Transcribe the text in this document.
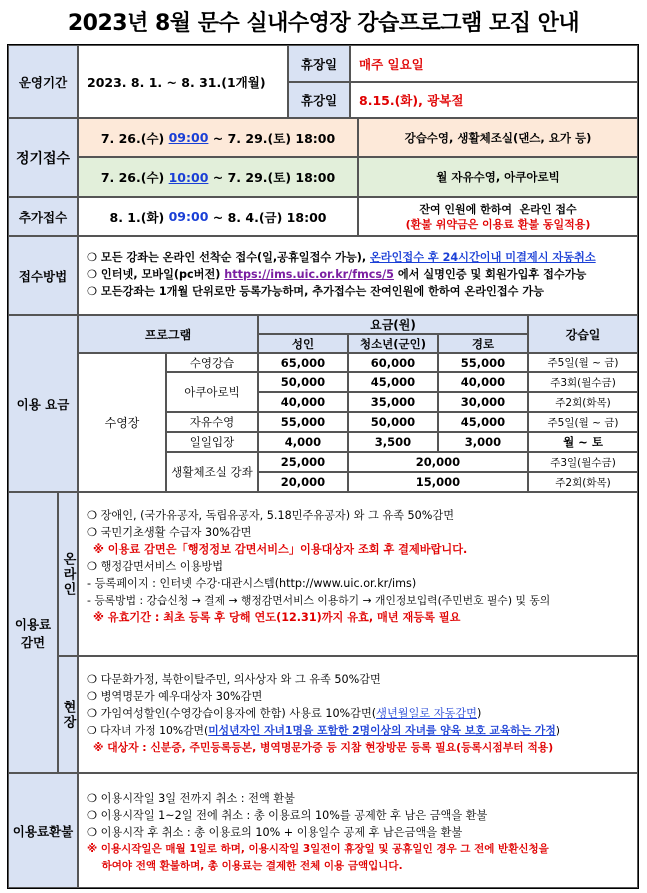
2023년 8월 문수 실내수영장 강습프로그램 모집 안내
운영기간	2023. 8. 1. ~ 8. 31.(1개월)
휴장일	매주 일요일
휴강일	8.15.(화), 광복절
정기접수
7. 26.(수) 09:00 ~ 7. 29.(토) 18:00	강습수영, 생활체조실(댄스, 요가 등)
7. 26.(수) 10:00 ~ 7. 29.(토) 18:00	월 자유수영, 아쿠아로빅
추가접수	8. 1.(화) 09:00 ~ 8. 4.(금) 18:00	잔여 인원에 한하여  온라인 접수
(환불 위약금은 이용료 환불 동일적용)
접수방법
❍ 모든 강좌는 온라인 선착순 접수(일,공휴일접수 가능), 온라인접수 후 24시간이내 미결제시 자동취소
❍ 인터넷, 모바일(pc버전) https://ims.uic.or.kr/fmcs/5 에서 실명인증 및 회원가입후 접수가능
❍ 모든강좌는 1개월 단위로만 등록가능하며, 추가접수는 잔여인원에 한하여 온라인접수 가능
이용 요금
프로그램
요금(원)
성인	청소년(군인)	경로
강습일
수영장
수영강습	65,000	60,000	55,000	주5일(월 ~ 금)
아쿠아로빅
50,000	45,000	40,000	주3회(월수금)
40,000	35,000	30,000	주2회(화목)
자유수영	55,000	50,000	45,000	주5일(월 ~ 금)
일일입장	4,000	3,500	3,000	월 ~ 토
생활체조실 강좌
25,000	20,000	주3일(월수금)
20,000	15,000	주2회(화목)
이용료
감면
온라인
❍ 장애인, (국가유공자, 독립유공자, 5.18민주유공자) 와 그 유족 50%감면
❍ 국민기초생활 수급자 30%감면
※ 이용료 감면은「행정정보 감면서비스」이용대상자 조회 후 결제바랍니다.
❍ 행정감면서비스 이용방법
- 등록페이지 : 인터넷 수강·대관시스템(http://www.uic.or.kr/ims)
- 등록방법 : 강습신청 → 결제 → 행정감면서비스 이용하기 → 개인정보입력(주민번호 필수) 및 동의
※ 유효기간 : 최초 등록 후 당해 연도(12.31)까지 유효, 매년 재등록 필요
현장
❍ 다문화가정, 북한이탈주민, 의사상자 와 그 유족 50%감면
❍ 병역명문가 예우대상자 30%감면
❍ 가임여성할인(수영강습이용자에 한함) 사용료 10%감면(생년월일로 자동감면)
❍ 다자녀 가정 10%감면(미성년자인 자녀1명을 포함한 2명이상의 자녀를 양육 보호 교육하는 가정)
※ 대상자 : 신분증, 주민등록등본, 병역명문가증 등 지참 현장방문 등록 필요(등록시점부터 적용)
이용료환불
❍ 이용시작일 3일 전까지 취소 : 전액 환불
❍ 이용시작일 1~2일 전에 취소 : 총 이용료의 10%를 공제한 후 남은 금액을 환불
❍ 이용시작 후 취소 : 총 이용료의 10% + 이용일수 공제 후 남은금액을 환불
※ 이용시작일은 매월 1일로 하며, 이용시작일 3일전이 휴장일 및 공휴일인 경우 그 전에 반환신청을
하여야 전액 환불하며, 총 이용료는 결제한 전체 이용 금액입니다.
